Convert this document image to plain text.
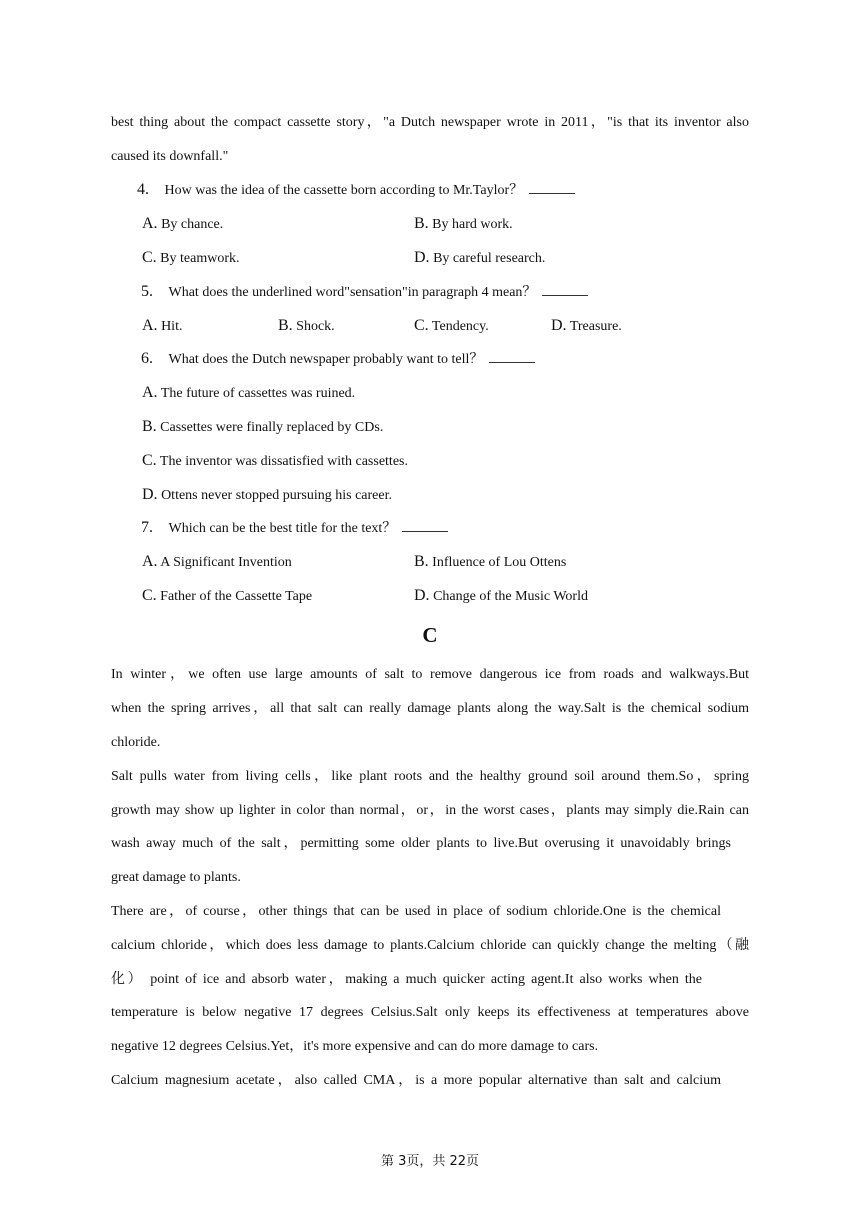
best thing about the compact cassette story，"a Dutch newspaper wrote in 2011，"is that its inventor also
caused its downfall."
4. How was the idea of the cassette born according to Mr.Taylor？
A. By chance.	B. By hard work.
C. By teamwork.	D. By careful research.
5. What does the underlined word"sensation"in paragraph 4 mean？
A. Hit.	B. Shock.	C. Tendency.	D. Treasure.
6. What does the Dutch newspaper probably want to tell？
A. The future of cassettes was ruined.
B. Cassettes were finally replaced by CDs.
C. The inventor was dissatisfied with cassettes.
D. Ottens never stopped pursuing his career.
7. Which can be the best title for the text？
A. A Significant Invention	B. Influence of Lou Ottens
C. Father of the Cassette Tape	D. Change of the Music World
C
In winter，we often use large amounts of salt to remove dangerous ice from roads and walkways.But
when the spring arrives，all that salt can really damage plants along the way.Salt is the chemical sodium
chloride.
Salt pulls water from living cells，like plant roots and the healthy ground soil around them.So，spring
growth may show up lighter in color than normal，or，in the worst cases，plants may simply die.Rain can
wash away much of the salt，permitting some older plants to live.But overusing it unavoidably brings
great damage to plants.
There are，of course，other things that can be used in place of sodium chloride.One is the chemical
calcium chloride，which does less damage to plants.Calcium chloride can quickly change the melting（融
化） point of ice and absorb water，making a much quicker acting agent.It also works when the
temperature is below negative 17 degrees Celsius.Salt only keeps its effectiveness at temperatures above
negative 12 degrees Celsius.Yet，it's more expensive and can do more damage to cars.
Calcium magnesium acetate，also called CMA，is a more popular alternative than salt and calcium
第 3页，共 22页
